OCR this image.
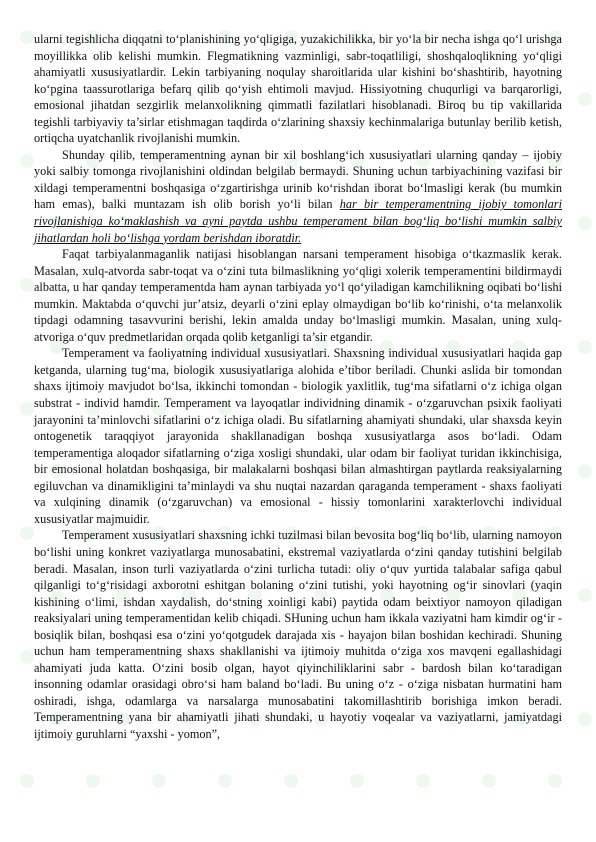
ularni tegishlicha diqqatni to‘planishining yo‘qligiga, yuzakichilikka, bir yo‘la bir necha ishga qo‘l urishga moyillikka olib kelishi mumkin. Flegmatikning vazminligi, sabr-toqatliligi, shoshqaloqlikning yo‘qligi ahamiyatli xususiyatlardir. Lekin tarbiyaning noqulay sharoitlarida ular kishini bo‘shashtirib, hayotning ko‘pgina taassurotlariga befarq qilib qo‘yish ehtimoli mavjud. Hissiyotning chuqurligi va barqarorligi, emosional jihatdan sezgirlik melanxolikning qimmatli fazilatlari hisoblanadi. Biroq bu tip vakillarida tegishli tarbiyaviy ta’sirlar etishmagan taqdirda o‘zlarining shaxsiy kechinmalariga butunlay berilib ketish, ortiqcha uyatchanlik rivojlanishi mumkin.

Shunday qilib, temperamentning aynan bir xil boshlang‘ich xususiyatlari ularning qanday – ijobiy yoki salbiy tomonga rivojlanishini oldindan belgilab bermaydi. Shuning uchun tarbiyachining vazifasi bir xildagi temperamentni boshqasiga o‘zgartirishga urinib ko‘rishdan iborat bo‘lmasligi kerak (bu mumkin ham emas), balki muntazam ish olib borish yo‘li bilan har bir temperamentning ijobiy tomonlari rivojlanishiga ko‘maklashish va ayni paytda ushbu temperament bilan bog‘liq bo‘lishi mumkin salbiy jihatlardan holi bo‘lishga yordam berishdan iboratdir.

Faqat tarbiyalanmaganlik natijasi hisoblangan narsani temperament hisobiga o‘tkazmaslik kerak. Masalan, xulq-atvorda sabr-toqat va o‘zini tuta bilmaslikning yo‘qligi xolerik temperamentini bildirmaydi albatta, u har qanday temperamentda ham aynan tarbiyada yo‘l qo‘yiladigan kamchilikning oqibati bo‘lishi mumkin. Maktabda o‘quvchi jur’atsiz, deyarli o‘zini eplay olmaydigan bo‘lib ko‘rinishi, o‘ta melanxolik tipdagi odamning tasavvurini berishi, lekin amalda unday bo‘lmasligi mumkin. Masalan, uning xulq-atvoriga o‘quv predmetlaridan orqada qolib ketganligi ta’sir etgandir.

Temperament va faoliyatning individual xususiyatlari. Shaxsning individual xususiyatlari haqida gap ketganda, ularning tug‘ma, biologik xususiyatlariga alohida e’tibor beriladi. Chunki aslida bir tomondan shaxs ijtimoiy mavjudot bo‘lsa, ikkinchi tomondan - biologik yaxlitlik, tug‘ma sifatlarni o‘z ichiga olgan substrat - individ hamdir. Temperament va layoqatlar individning dinamik - o‘zgaruvchan psixik faoliyati jarayonini ta’minlovchi sifatlarini o‘z ichiga oladi. Bu sifatlarning ahamiyati shundaki, ular shaxsda keyin ontogenetik taraqqiyot jarayonida shakllanadigan boshqa xususiyatlarga asos bo‘ladi. Odam temperamentiga aloqador sifatlarning o‘ziga xosligi shundaki, ular odam bir faoliyat turidan ikkinchisiga, bir emosional holatdan boshqasiga, bir malakalarni boshqasi bilan almashtirgan paytlarda reaksiyalarning egiluvchan va dinamikligini ta’minlaydi va shu nuqtai nazardan qaraganda temperament - shaxs faoliyati va xulqining dinamik (o‘zgaruvchan) va emosional - hissiy tomonlarini xarakterlovchi individual xususiyatlar majmuidir.

Temperament xususiyatlari shaxsning ichki tuzilmasi bilan bevosita bog‘liq bo‘lib, ularning namoyon bo‘lishi uning konkret vaziyatlarga munosabatini, ekstremal vaziyatlarda o‘zini qanday tutishini belgilab beradi. Masalan, inson turli vaziyatlarda o‘zini turlicha tutadi: oliy o‘quv yurtida talabalar safiga qabul qilganligi to‘g‘risidagi axborotni eshitgan bolaning o‘zini tutishi, yoki hayotning og‘ir sinovlari (yaqin kishining o‘limi, ishdan xaydalish, do‘stning xoinligi kabi) paytida odam beixtiyor namoyon qiladigan reaksiyalari uning temperamentidan kelib chiqadi. SHuning uchun ham ikkala vaziyatni ham kimdir og‘ir - bosiqlik bilan, boshqasi esa o‘zini yo‘qotgudek darajada xis - hayajon bilan boshidan kechiradi. Shuning uchun ham temperamentning shaxs shakllanishi va ijtimoiy muhitda o‘ziga xos mavqeni egallashidagi ahamiyati juda katta. O‘zini bosib olgan, hayot qiyinchiliklarini sabr - bardosh bilan ko‘taradigan insonning odamlar orasidagi obro‘si ham baland bo‘ladi. Bu uning o‘z - o‘ziga nisbatan hurmatini ham oshiradi, ishga, odamlarga va narsalarga munosabatini takomillashtirib borishiga imkon beradi. Temperamentning yana bir ahamiyatli jihati shundaki, u hayotiy voqealar va vaziyatlarni, jamiyatdagi ijtimoiy guruhlarni “yaxshi - yomon”,
